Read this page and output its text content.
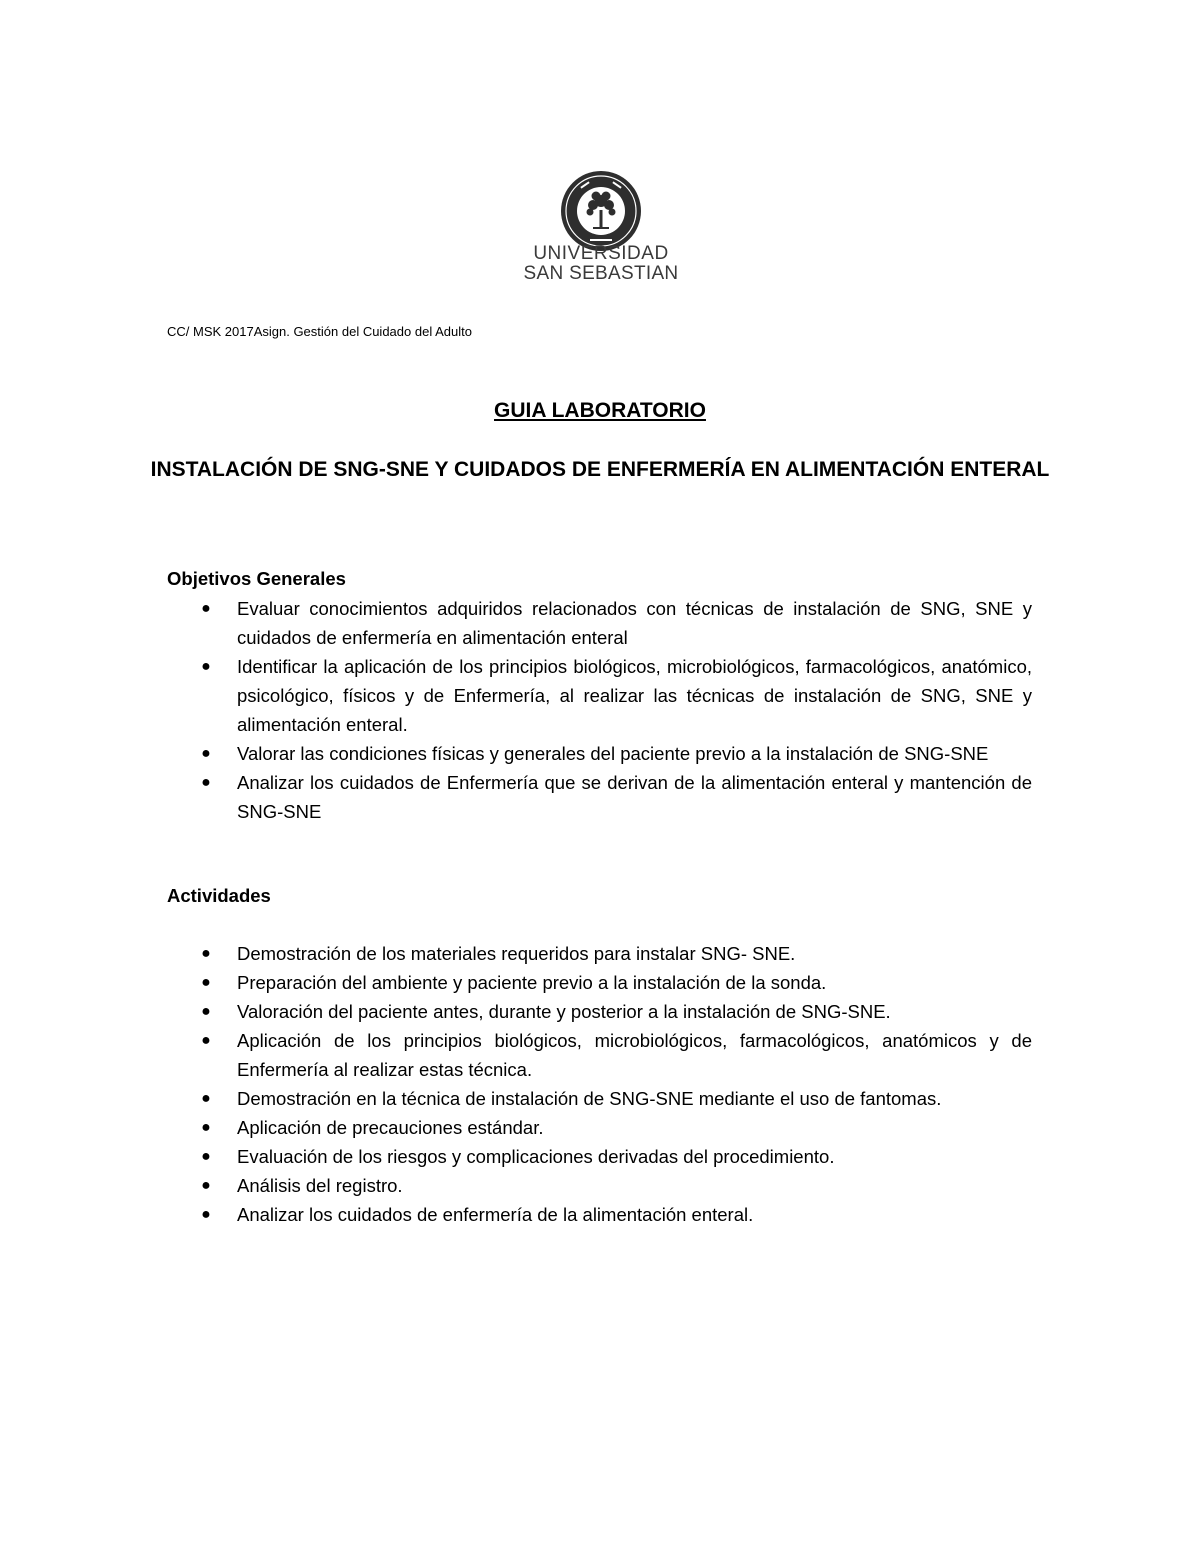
UNIVERSIDAD
SAN SEBASTIAN
CC/ MSK 2017Asign. Gestión del Cuidado del Adulto
GUIA LABORATORIO
INSTALACIÓN DE SNG-SNE Y CUIDADOS DE ENFERMERÍA EN ALIMENTACIÓN ENTERAL
Objetivos Generales
● Evaluar conocimientos adquiridos relacionados con técnicas de instalación de SNG, SNE y cuidados de enfermería en alimentación enteral
● Identificar la aplicación de los principios biológicos, microbiológicos, farmacológicos, anatómico, psicológico, físicos y de Enfermería, al realizar las técnicas de instalación de SNG, SNE y alimentación enteral.
● Valorar las condiciones físicas y generales del paciente previo a la instalación de SNG-SNE
● Analizar los cuidados de Enfermería que se derivan de la alimentación enteral y mantención de SNG-SNE
Actividades
● Demostración de los materiales requeridos para instalar SNG- SNE.
● Preparación del ambiente y paciente previo a la instalación de la sonda.
● Valoración del paciente antes, durante y posterior a la instalación de SNG-SNE.
● Aplicación de los principios biológicos, microbiológicos, farmacológicos, anatómicos y de Enfermería al realizar estas técnica.
● Demostración en la técnica de instalación de SNG-SNE mediante el uso de fantomas.
● Aplicación de precauciones estándar.
● Evaluación de los riesgos y complicaciones derivadas del procedimiento.
● Análisis del registro.
● Analizar los cuidados de enfermería de la alimentación enteral.
